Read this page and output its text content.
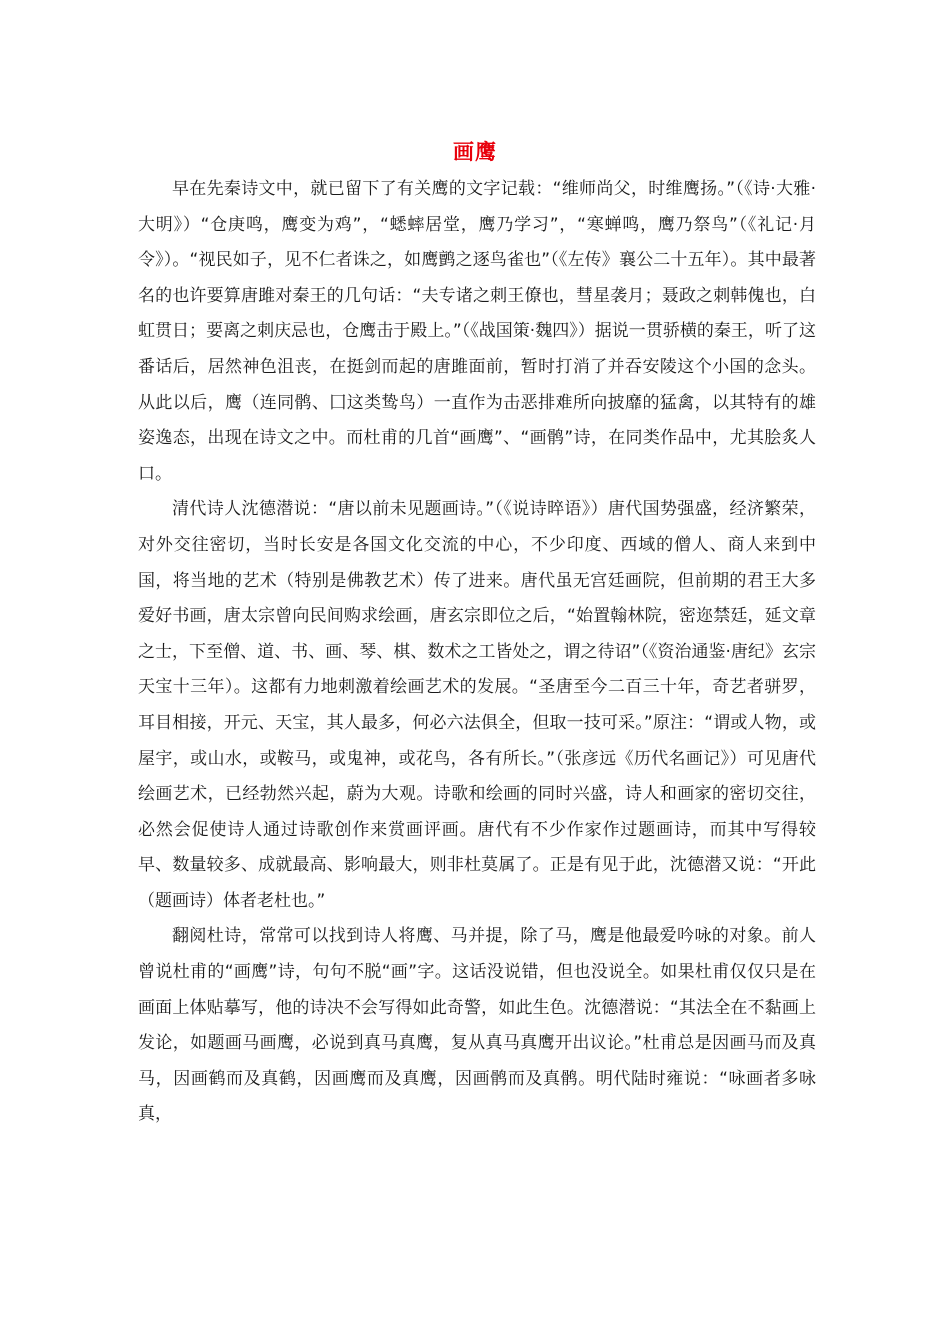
画鹰

早在先秦诗文中，就已留下了有关鹰的文字记载：“维师尚父，时维鹰扬。”（《诗·大雅·大明》）“仓庚鸣，鹰变为鸡”，“蟋蟀居堂，鹰乃学习”，“寒蝉鸣，鹰乃祭鸟”（《礼记·月令》）。“视民如子，见不仁者诛之，如鹰鹯之逐鸟雀也”（《左传》襄公二十五年）。其中最著名的也许要算唐雎对秦王的几句话：“夫专诸之刺王僚也，彗星袭月；聂政之刺韩傀也，白虹贯日；要离之刺庆忌也，仓鹰击于殿上。”（《战国策·魏四》）据说一贯骄横的秦王，听了这番话后，居然神色沮丧，在挺剑而起的唐雎面前，暂时打消了并吞安陵这个小国的念头。从此以后，鹰（连同鹘、囗这类鸷鸟）一直作为击恶排难所向披靡的猛禽，以其特有的雄姿逸态，出现在诗文之中。而杜甫的几首“画鹰”、“画鹘”诗，在同类作品中，尤其脍炙人口。

清代诗人沈德潜说：“唐以前未见题画诗。”（《说诗晬语》）唐代国势强盛，经济繁荣，对外交往密切，当时长安是各国文化交流的中心，不少印度、西域的僧人、商人来到中国，将当地的艺术（特别是佛教艺术）传了进来。唐代虽无宫廷画院，但前期的君王大多爱好书画，唐太宗曾向民间购求绘画，唐玄宗即位之后，“始置翰林院，密迩禁廷，延文章之士，下至僧、道、书、画、琴、棋、数术之工皆处之，谓之待诏”（《资治通鉴·唐纪》玄宗天宝十三年）。这都有力地刺激着绘画艺术的发展。“圣唐至今二百三十年，奇艺者骈罗，耳目相接，开元、天宝，其人最多，何必六法俱全，但取一技可采。”原注：“谓或人物，或屋宇，或山水，或鞍马，或鬼神，或花鸟，各有所长。”（张彦远《历代名画记》）可见唐代绘画艺术，已经勃然兴起，蔚为大观。诗歌和绘画的同时兴盛，诗人和画家的密切交往，必然会促使诗人通过诗歌创作来赏画评画。唐代有不少作家作过题画诗，而其中写得较早、数量较多、成就最高、影响最大，则非杜莫属了。正是有见于此，沈德潜又说：“开此（题画诗）体者老杜也。”

翻阅杜诗，常常可以找到诗人将鹰、马并提，除了马，鹰是他最爱吟咏的对象。前人曾说杜甫的“画鹰”诗，句句不脱“画”字。这话没说错，但也没说全。如果杜甫仅仅只是在画面上体贴摹写，他的诗决不会写得如此奇警，如此生色。沈德潜说：“其法全在不黏画上发论，如题画马画鹰，必说到真马真鹰，复从真马真鹰开出议论。”杜甫总是因画马而及真马，因画鹤而及真鹤，因画鹰而及真鹰，因画鹘而及真鹘。明代陆时雍说：“咏画者多咏真，
